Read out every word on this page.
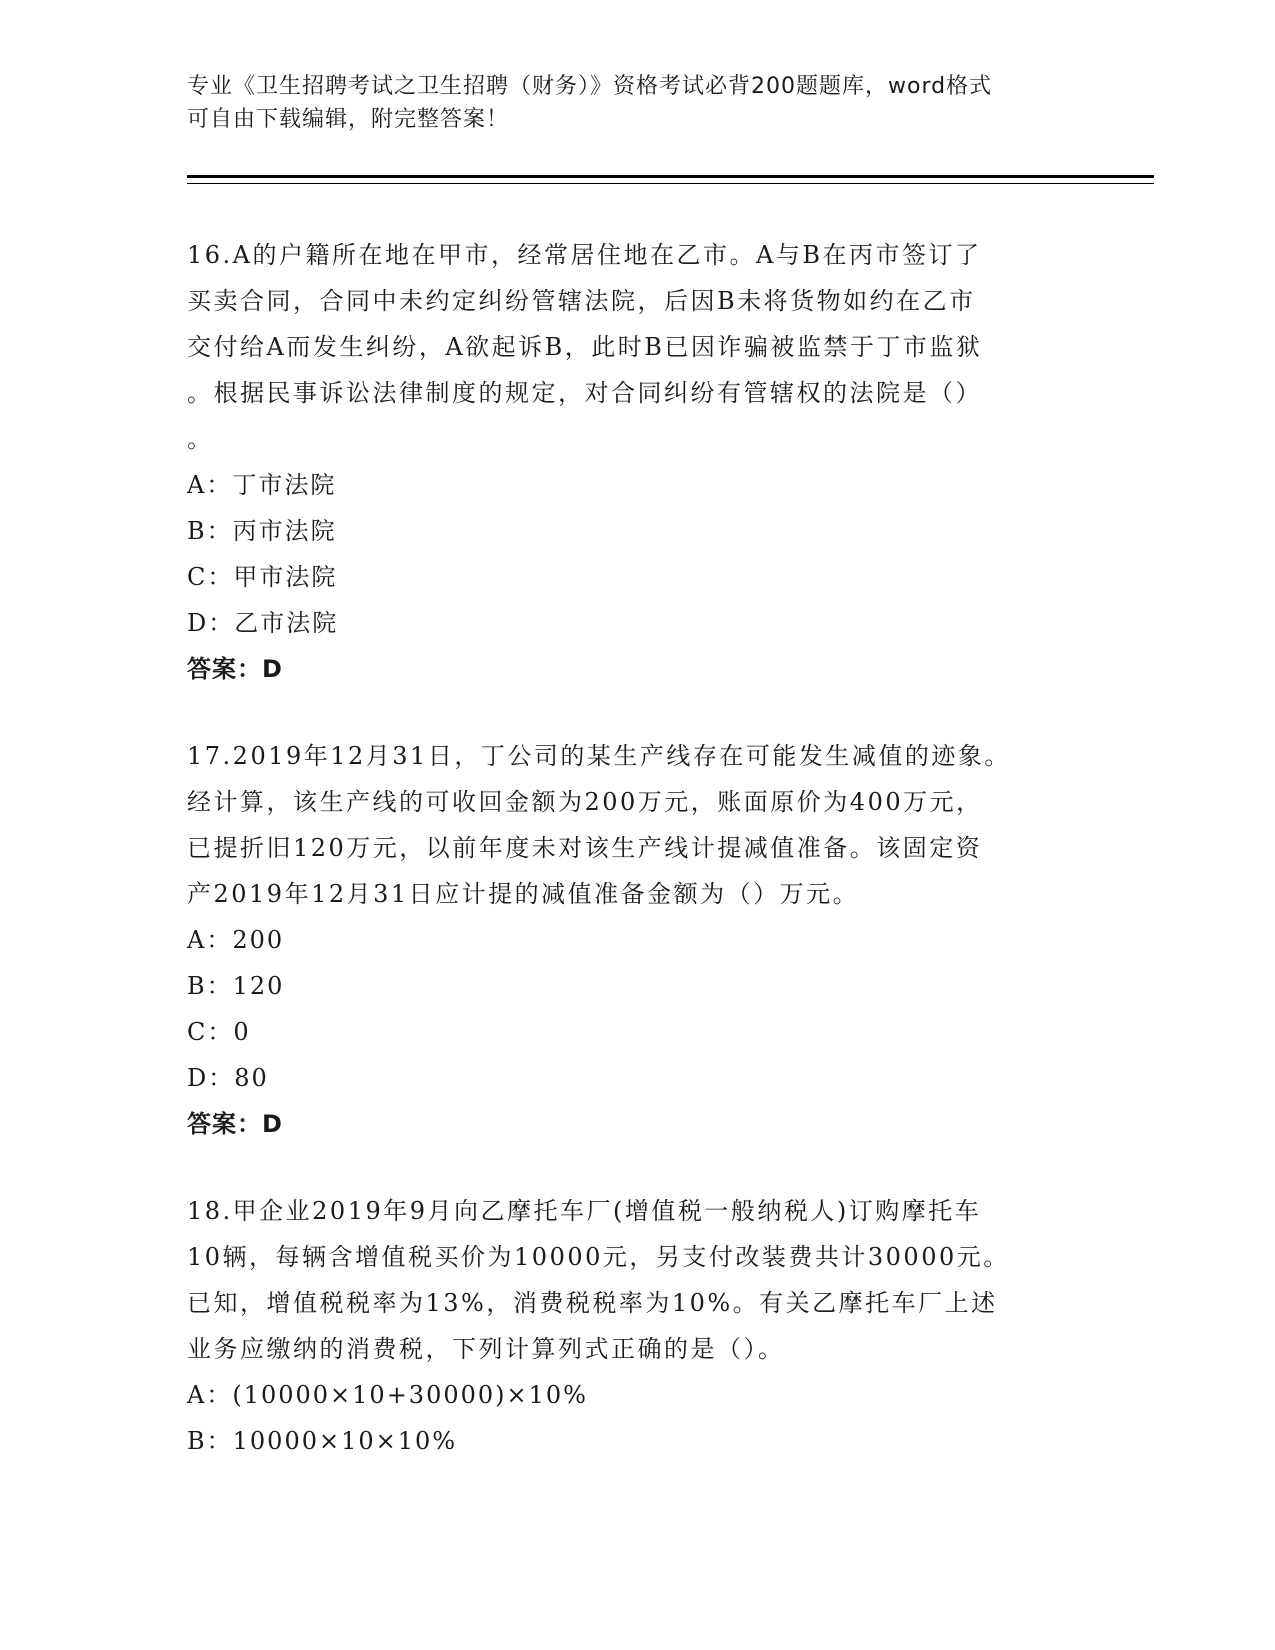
专业《卫生招聘考试之卫生招聘（财务）》资格考试必背200题题库，word格式
可自由下载编辑，附完整答案！
16.A的户籍所在地在甲市，经常居住地在乙市。A与B在丙市签订了
买卖合同，合同中未约定纠纷管辖法院，后因B未将货物如约在乙市
交付给A而发生纠纷，A欲起诉B，此时B已因诈骗被监禁于丁市监狱
。根据民事诉讼法律制度的规定，对合同纠纷有管辖权的法院是（）
。
A：丁市法院
B：丙市法院
C：甲市法院
D：乙市法院
答案：D
17.2019年12月31日，丁公司的某生产线存在可能发生减值的迹象。
经计算，该生产线的可收回金额为200万元，账面原价为400万元，
已提折旧120万元，以前年度未对该生产线计提减值准备。该固定资
产2019年12月31日应计提的减值准备金额为（）万元。
A：200
B：120
C：0
D：80
答案：D
18.甲企业2019年9月向乙摩托车厂(增值税一般纳税人)订购摩托车
10辆，每辆含增值税买价为10000元，另支付改装费共计30000元。
已知，增值税税率为13%，消费税税率为10%。有关乙摩托车厂上述
业务应缴纳的消费税，下列计算列式正确的是（）。
A：(10000×10+30000)×10%
B：10000×10×10%
